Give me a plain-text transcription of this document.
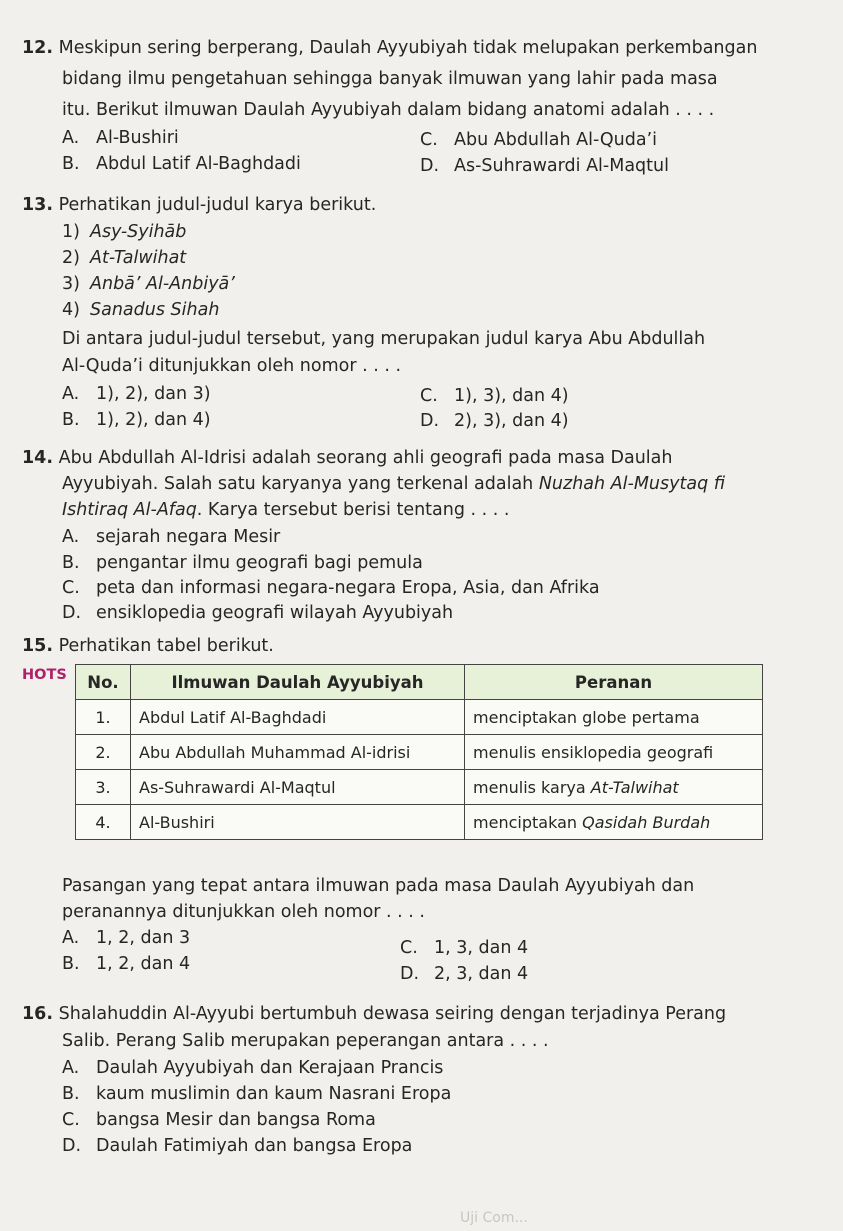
12. Meskipun sering berperang, Daulah Ayyubiyah tidak melupakan perkembangan
bidang ilmu pengetahuan sehingga banyak ilmuwan yang lahir pada masa
itu. Berikut ilmuwan Daulah Ayyubiyah dalam bidang anatomi adalah . . . .
A. Al-Bushiri	C. Abu Abdullah Al-Quda’i
B. Abdul Latif Al-Baghdadi	D. As-Suhrawardi Al-Maqtul
13. Perhatikan judul-judul karya berikut.
1) Asy-Syihāb
2) At-Talwihat
3) Anbā’ Al-Anbiyā’
4) Sanadus Sihah
Di antara judul-judul tersebut, yang merupakan judul karya Abu Abdullah
Al-Quda’i ditunjukkan oleh nomor . . . .
A. 1), 2), dan 3)	C. 1), 3), dan 4)
B. 1), 2), dan 4)	D. 2), 3), dan 4)
14. Abu Abdullah Al-Idrisi adalah seorang ahli geografi pada masa Daulah
Ayyubiyah. Salah satu karyanya yang terkenal adalah Nuzhah Al-Musytaq fi
Ishtiraq Al-Afaq. Karya tersebut berisi tentang . . . .
A. sejarah negara Mesir
B. pengantar ilmu geografi bagi pemula
C. peta dan informasi negara-negara Eropa, Asia, dan Afrika
D. ensiklopedia geografi wilayah Ayyubiyah
15. Perhatikan tabel berikut.
HOTS No.	Ilmuwan Daulah Ayyubiyah	Peranan
1.	Abdul Latif Al-Baghdadi	menciptakan globe pertama
2.	Abu Abdullah Muhammad Al-idrisi	menulis ensiklopedia geografi
3.	As-Suhrawardi Al-Maqtul	menulis karya At-Talwihat
4.	Al-Bushiri	menciptakan Qasidah Burdah
Pasangan yang tepat antara ilmuwan pada masa Daulah Ayyubiyah dan
peranannya ditunjukkan oleh nomor . . . .
A. 1, 2, dan 3	C. 1, 3, dan 4
B. 1, 2, dan 4	D. 2, 3, dan 4
16. Shalahuddin Al-Ayyubi bertumbuh dewasa seiring dengan terjadinya Perang
Salib. Perang Salib merupakan peperangan antara . . . .
A. Daulah Ayyubiyah dan Kerajaan Prancis
B. kaum muslimin dan kaum Nasrani Eropa
C. bangsa Mesir dan bangsa Roma
D. Daulah Fatimiyah dan bangsa Eropa
Uji Com...
